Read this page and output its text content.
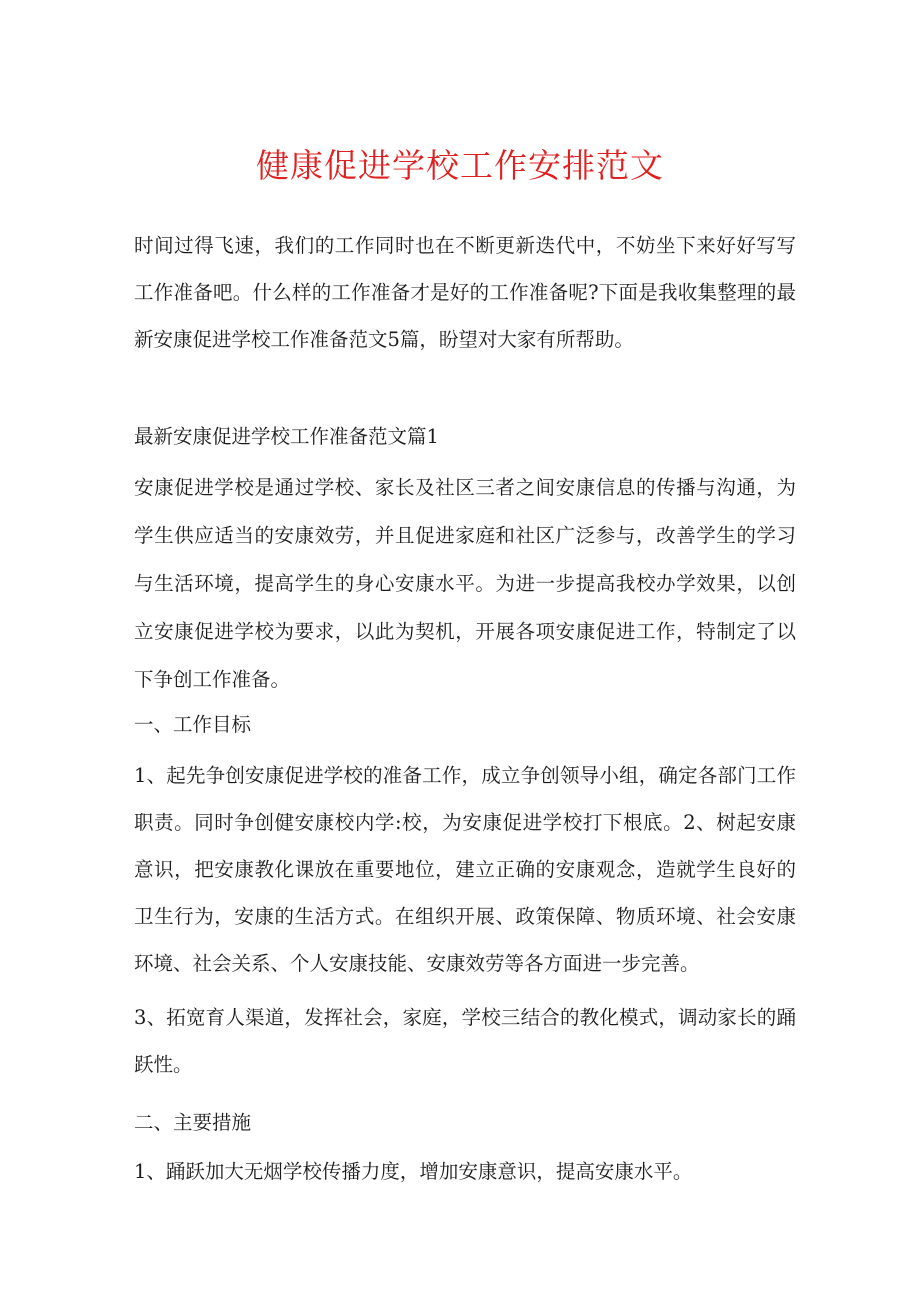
健康促进学校工作安排范文

时间过得飞速，我们的工作同时也在不断更新迭代中，不妨坐下来好好写写工作准备吧。什么样的工作准备才是好的工作准备呢?下面是我收集整理的最新安康促进学校工作准备范文5篇，盼望对大家有所帮助。

最新安康促进学校工作准备范文篇1

安康促进学校是通过学校、家长及社区三者之间安康信息的传播与沟通，为学生供应适当的安康效劳，并且促进家庭和社区广泛参与，改善学生的学习与生活环境，提高学生的身心安康水平。为进一步提高我校办学效果，以创立安康促进学校为要求，以此为契机，开展各项安康促进工作，特制定了以下争创工作准备。

一、工作目标

1、起先争创安康促进学校的准备工作，成立争创领导小组，确定各部门工作职责。同时争创健安康校内学:校，为安康促进学校打下根底。2、树起安康意识，把安康教化课放在重要地位，建立正确的安康观念，造就学生良好的卫生行为，安康的生活方式。在组织开展、政策保障、物质环境、社会安康环境、社会关系、个人安康技能、安康效劳等各方面进一步完善。

3、拓宽育人渠道，发挥社会，家庭，学校三结合的教化模式，调动家长的踊跃性。

二、主要措施

1、踊跃加大无烟学校传播力度，增加安康意识，提高安康水平。
